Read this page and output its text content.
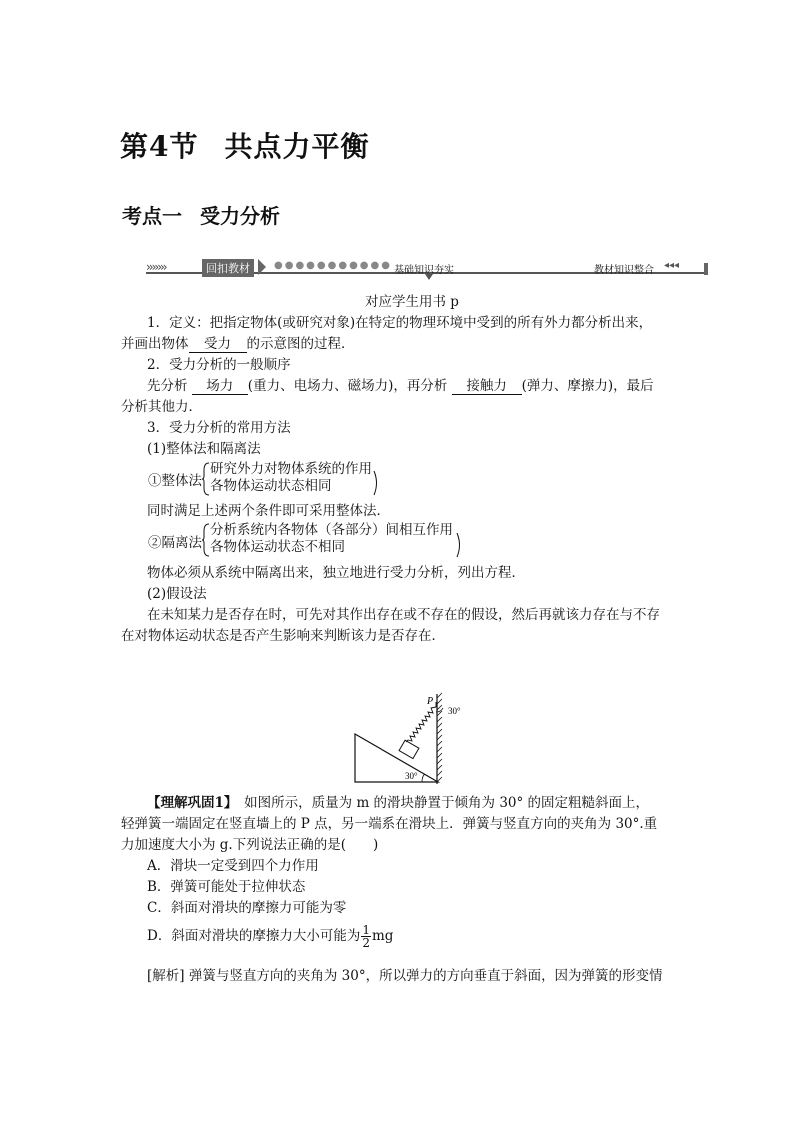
第4节 共点力平衡
考点一 受力分析
›››››››	回扣教材	●●●●●●●●●●● 基础知识夯实	教材知识整合 ◂◂◂
对应学生用书 p
1．定义：把指定物体(或研究对象)在特定的物理环境中受到的所有外力都分析出来，
并画出物体 受力 的示意图的过程．
2．受力分析的一般顺序
先分析 场力 (重力、电场力、磁场力)，再分析 接触力 (弹力、摩擦力)，最后
分析其他力．
3．受力分析的常用方法
(1)整体法和隔离法
①整体法
研究外力对物体系统的作用
各物体运动状态相同
同时满足上述两个条件即可采用整体法．
②隔离法
分析系统内各物体（各部分）间相互作用
各物体运动状态不相同
物体必须从系统中隔离出来，独立地进行受力分析，列出方程．
(2)假设法
在未知某力是否存在时，可先对其作出存在或不存在的假设，然后再就该力存在与不存
在对物体运动状态是否产生影响来判断该力是否存在．
P
30°
30°
【理解巩固1】　 如图所示，质量为 m 的滑块静置于倾角为 30° 的固定粗糙斜面上，
轻弹簧一端固定在竖直墙上的 P 点，另一端系在滑块上．弹簧与竖直方向的夹角为 30°.重
力加速度大小为 g.下列说法正确的是(　　)
A．滑块一定受到四个力作用
B．弹簧可能处于拉伸状态
C．斜面对滑块的摩擦力可能为零
D．斜面对滑块的摩擦力大小可能为 $\frac{1}{2}$ mg
[解析] 弹簧与竖直方向的夹角为 30°，所以弹力的方向垂直于斜面，因为弹簧的形变情
